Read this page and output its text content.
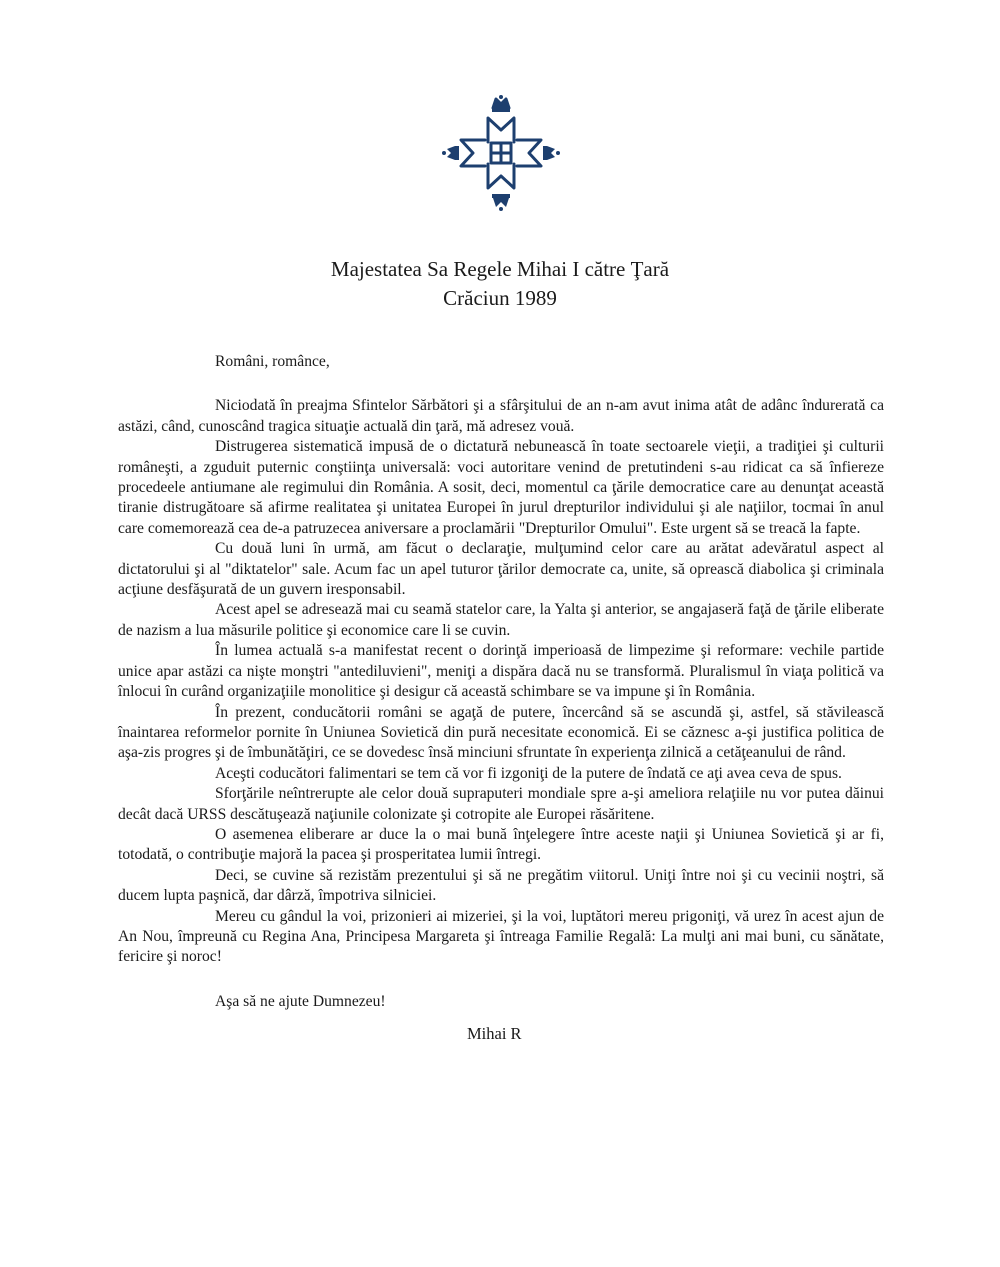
Majestatea Sa Regele Mihai I către Ţară
Crăciun 1989

Români, românce,

Niciodată în preajma Sfintelor Sărbători şi a sfârşitului de an n-am avut inima atât de adânc îndurerată ca astăzi, când, cunoscând tragica situaţie actuală din ţară, mă adresez vouă.

Distrugerea sistematică impusă de o dictatură nebunească în toate sectoarele vieţii, a tradiţiei şi culturii româneşti, a zguduit puternic conştiinţa universală: voci autoritare venind de pretutindeni s-au ridicat ca să înfiereze procedeele antiumane ale regimului din România. A sosit, deci, momentul ca ţările democratice care au denunţat această tiranie distrugătoare să afirme realitatea şi unitatea Europei în jurul drepturilor individului şi ale naţiilor, tocmai în anul care comemorează cea de-a patruzecea aniversare a proclamării "Drepturilor Omului". Este urgent să se treacă la fapte.

Cu două luni în urmă, am făcut o declaraţie, mulţumind celor care au arătat adevăratul aspect al dictatorului şi al "diktatelor" sale. Acum fac un apel tuturor ţărilor democrate ca, unite, să oprească diabolica şi criminala acţiune desfăşurată de un guvern iresponsabil.

Acest apel se adresează mai cu seamă statelor care, la Yalta şi anterior, se angajaseră faţă de ţările eliberate de nazism a lua măsurile politice şi economice care li se cuvin.

În lumea actuală s-a manifestat recent o dorinţă imperioasă de limpezime şi reformare: vechile partide unice apar astăzi ca nişte monştri "antediluvieni", meniţi a dispăra dacă nu se transformă. Pluralismul în viaţa politică va înlocui în curând organizaţiile monolitice şi desigur că această schimbare se va impune şi în România.

În prezent, conducătorii români se agaţă de putere, încercând să se ascundă şi, astfel, să stăvilească înaintarea reformelor pornite în Uniunea Sovietică din pură necesitate economică. Ei se căznesc a-şi justifica politica de aşa-zis progres şi de îmbunătăţiri, ce se dovedesc însă minciuni sfruntate în experienţa zilnică a cetăţeanului de rând.

Aceşti coducători falimentari se tem că vor fi izgoniţi de la putere de îndată ce aţi avea ceva de spus.

Sforţările neîntrerupte ale celor două supraputeri mondiale spre a-şi ameliora relaţiile nu vor putea dăinui decât dacă URSS descătuşează naţiunile colonizate şi cotropite ale Europei răsăritene.

O asemenea eliberare ar duce la o mai bună înţelegere între aceste naţii şi Uniunea Sovietică şi ar fi, totodată, o contribuţie majoră la pacea şi prosperitatea lumii întregi.

Deci, se cuvine să rezistăm prezentului şi să ne pregătim viitorul. Uniţi între noi şi cu vecinii noştri, să ducem lupta paşnică, dar dârză, împotriva silniciei.

Mereu cu gândul la voi, prizonieri ai mizeriei, şi la voi, luptători mereu prigoniţi, vă urez în acest ajun de An Nou, împreună cu Regina Ana, Principesa Margareta şi întreaga Familie Regală: La mulţi ani mai buni, cu sănătate, fericire şi noroc!

Aşa să ne ajute Dumnezeu!

Mihai R
